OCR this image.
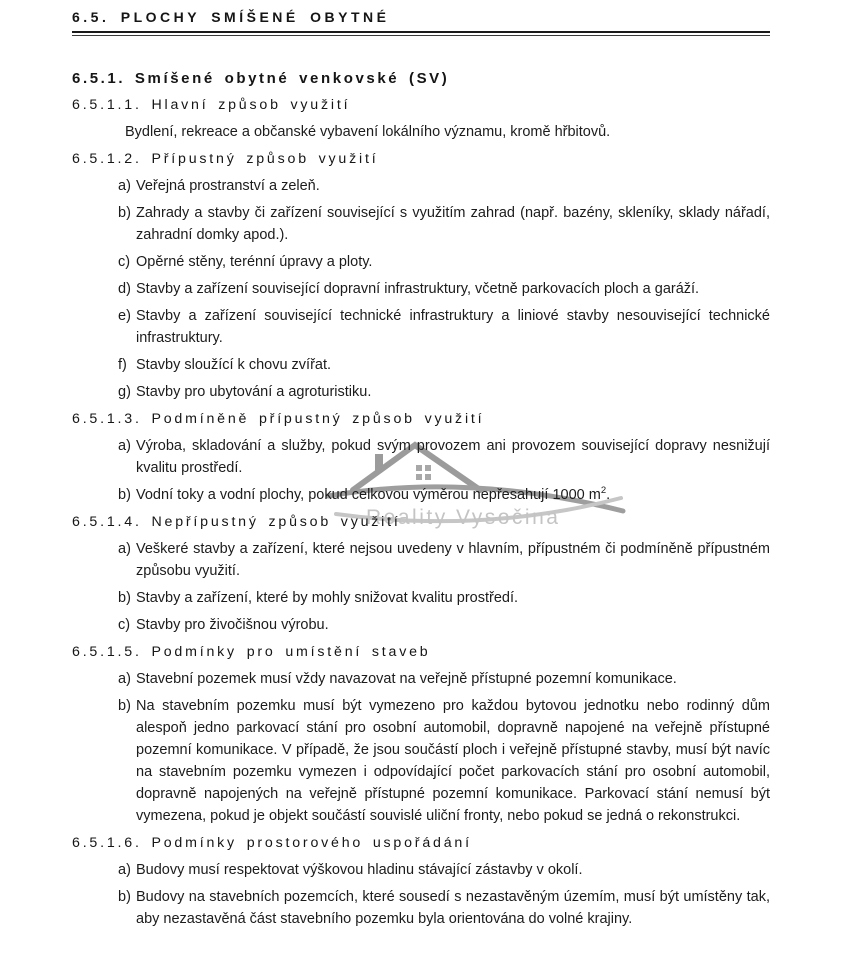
Reality Vysočina
6.5. PLOCHY SMÍŠENÉ OBYTNÉ
6.5.1. Smíšené obytné venkovské (SV)
6.5.1.1. Hlavní způsob využití

Bydlení, rekreace a občanské vybavení lokálního významu, kromě hřbitovů.

6.5.1.2. Přípustný způsob využití
a) Veřejná prostranství a zeleň.
b) Zahrady a stavby či zařízení související s využitím zahrad (např. bazény, skleníky, sklady nářadí, zahradní domky apod.).
c) Opěrné stěny, terénní úpravy a ploty.
d) Stavby a zařízení související dopravní infrastruktury, včetně parkovacích ploch a garáží.
e) Stavby a zařízení související technické infrastruktury a liniové stavby nesouvisející technické infrastruktury.
f) Stavby sloužící k chovu zvířat.
g) Stavby pro ubytování a agroturistiku.
6.5.1.3. Podmíněně přípustný způsob využití
a) Výroba, skladování a služby, pokud svým provozem ani provozem související dopravy nesnižují kvalitu prostředí.
b) Vodní toky a vodní plochy, pokud celkovou výměrou nepřesahují 1000 $m^2$.
6.5.1.4. Nepřípustný způsob využití
a) Veškeré stavby a zařízení, které nejsou uvedeny v hlavním, přípustném či podmíněně přípustném způsobu využití.
b) Stavby a zařízení, které by mohly snižovat kvalitu prostředí.
c) Stavby pro živočišnou výrobu.
6.5.1.5. Podmínky pro umístění staveb
a) Stavební pozemek musí vždy navazovat na veřejně přístupné pozemní komunikace.
b) Na stavebním pozemku musí být vymezeno pro každou bytovou jednotku nebo rodinný dům alespoň jedno parkovací stání pro osobní automobil, dopravně napojené na veřejně přístupné pozemní komunikace. V případě, že jsou součástí ploch i veřejně přístupné stavby, musí být navíc na stavebním pozemku vymezen i odpovídající počet parkovacích stání pro osobní automobil, dopravně napojených na veřejně přístupné pozemní komunikace. Parkovací stání nemusí být vymezena, pokud je objekt součástí souvislé uliční fronty, nebo pokud se jedná o rekonstrukci.
6.5.1.6. Podmínky prostorového uspořádání
a) Budovy musí respektovat výškovou hladinu stávající zástavby v okolí.
b) Budovy na stavebních pozemcích, které sousedí s nezastavěným územím, musí být umístěny tak, aby nezastavěná část stavebního pozemku byla orientována do volné krajiny.
